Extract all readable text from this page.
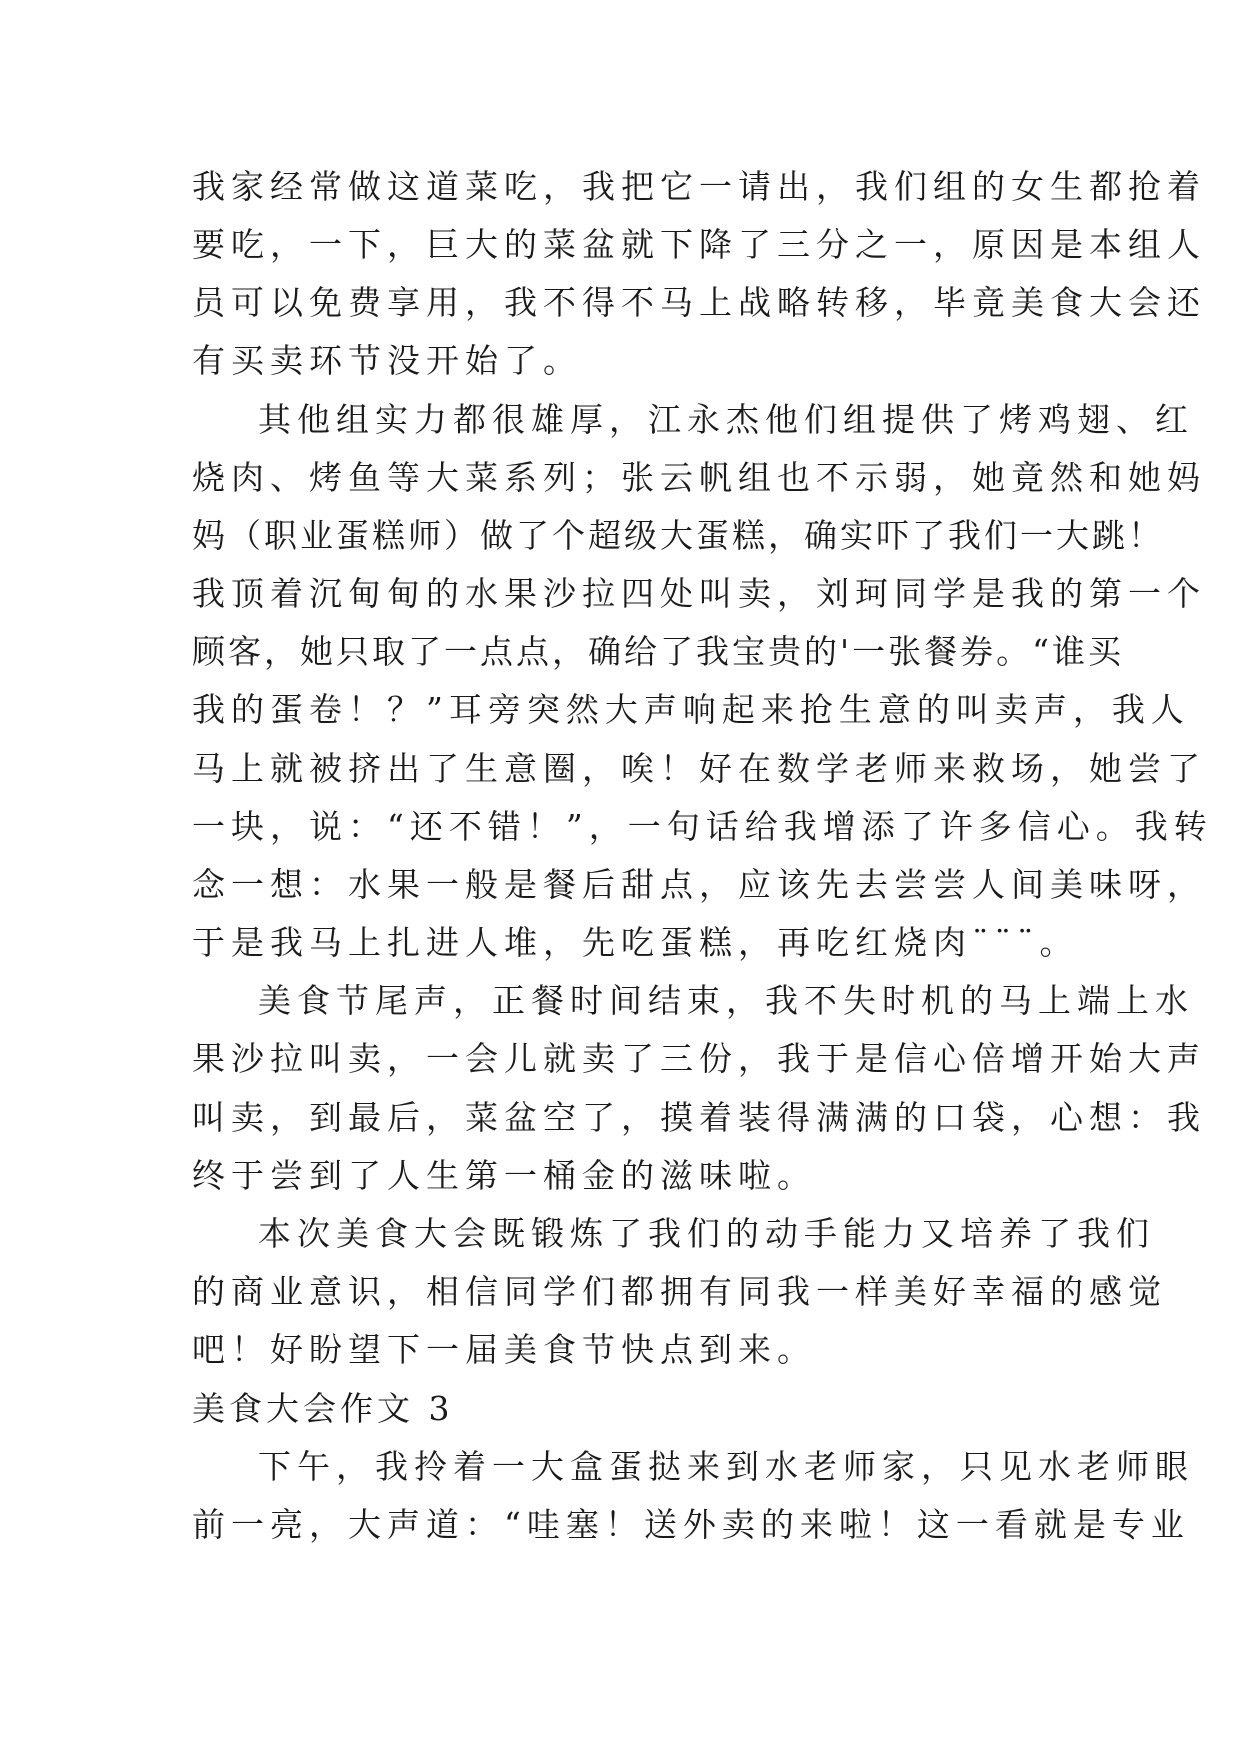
我家经常做这道菜吃，我把它一请出，我们组的女生都抢着
要吃，一下，巨大的菜盆就下降了三分之一，原因是本组人
员可以免费享用，我不得不马上战略转移，毕竟美食大会还
有买卖环节没开始了。
其他组实力都很雄厚，江永杰他们组提供了烤鸡翅、红
烧肉、烤鱼等大菜系列；张云帆组也不示弱，她竟然和她妈
妈（职业蛋糕师）做了个超级大蛋糕，确实吓了我们一大跳！
我顶着沉甸甸的水果沙拉四处叫卖，刘珂同学是我的第一个
顾客，她只取了一点点，确给了我宝贵的'一张餐券。“谁买
我的蛋卷！？”耳旁突然大声响起来抢生意的叫卖声，我人
马上就被挤出了生意圈，唉！好在数学老师来救场，她尝了
一块，说：“还不错！”，一句话给我增添了许多信心。我转
念一想：水果一般是餐后甜点，应该先去尝尝人间美味呀，
于是我马上扎进人堆，先吃蛋糕，再吃红烧肉¨¨¨。
美食节尾声，正餐时间结束，我不失时机的马上端上水
果沙拉叫卖，一会儿就卖了三份，我于是信心倍增开始大声
叫卖，到最后，菜盆空了，摸着装得满满的口袋，心想：我
终于尝到了人生第一桶金的滋味啦。
本次美食大会既锻炼了我们的动手能力又培养了我们
的商业意识，相信同学们都拥有同我一样美好幸福的感觉
吧！好盼望下一届美食节快点到来。
美食大会作文 3
下午，我拎着一大盒蛋挞来到水老师家，只见水老师眼
前一亮，大声道：“哇塞！送外卖的来啦！这一看就是专业
